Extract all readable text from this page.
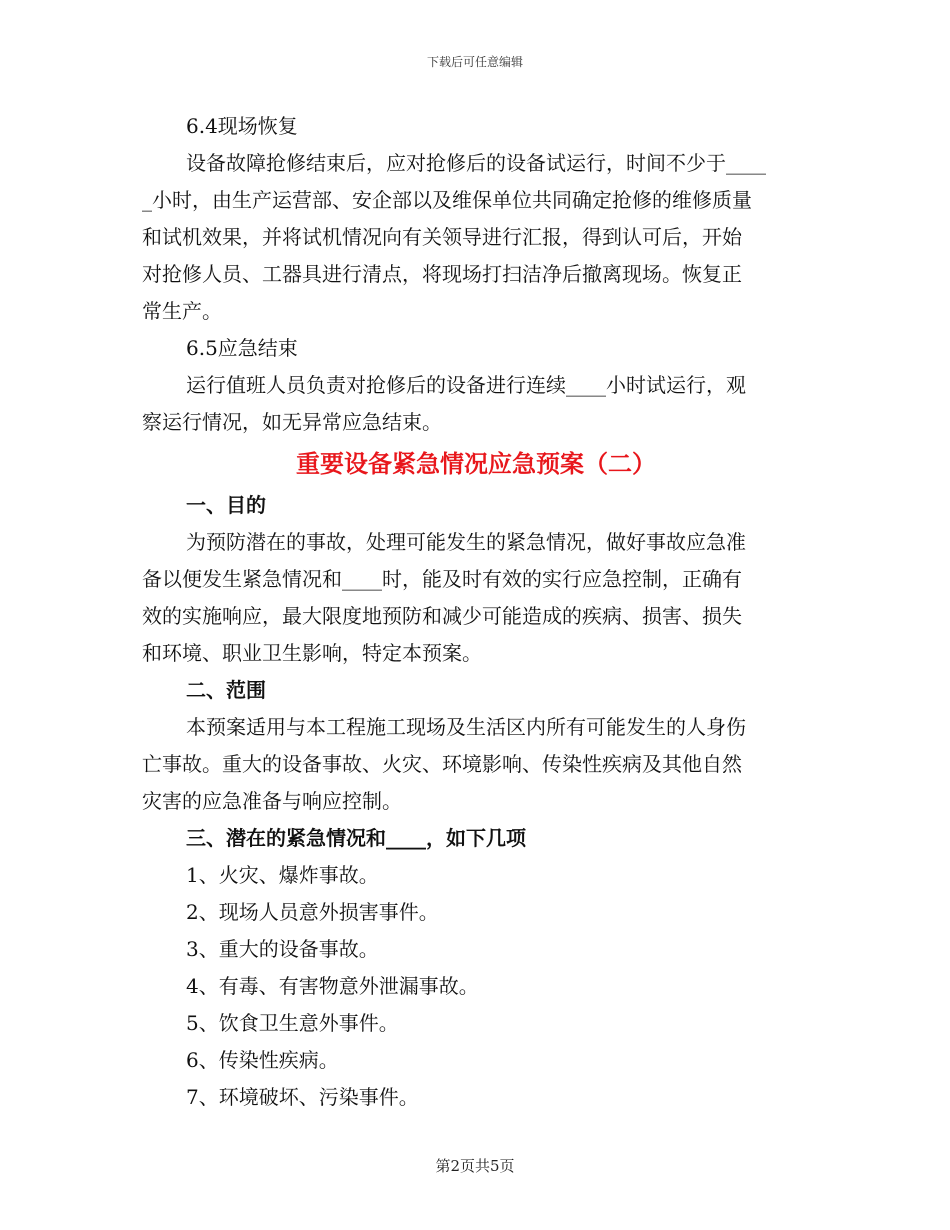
下载后可任意编辑
6.4现场恢复
设备故障抢修结束后，应对抢修后的设备试运行，时间不少于____
_小时，由生产运营部、安企部以及维保单位共同确定抢修的维修质量
和试机效果，并将试机情况向有关领导进行汇报，得到认可后，开始
对抢修人员、工器具进行清点，将现场打扫洁净后撤离现场。恢复正
常生产。
6.5应急结束
运行值班人员负责对抢修后的设备进行连续____小时试运行，观
察运行情况，如无异常应急结束。
重要设备紧急情况应急预案（二）
一、目的
为预防潜在的事故，处理可能发生的紧急情况，做好事故应急准
备以便发生紧急情况和____时，能及时有效的实行应急控制，正确有
效的实施响应，最大限度地预防和减少可能造成的疾病、损害、损失
和环境、职业卫生影响，特定本预案。
二、范围
本预案适用与本工程施工现场及生活区内所有可能发生的人身伤
亡事故。重大的设备事故、火灾、环境影响、传染性疾病及其他自然
灾害的应急准备与响应控制。
三、潜在的紧急情况和____，如下几项
1、火灾、爆炸事故。
2、现场人员意外损害事件。
3、重大的设备事故。
4、有毒、有害物意外泄漏事故。
5、饮食卫生意外事件。
6、传染性疾病。
7、环境破坏、污染事件。
第2页共5页
